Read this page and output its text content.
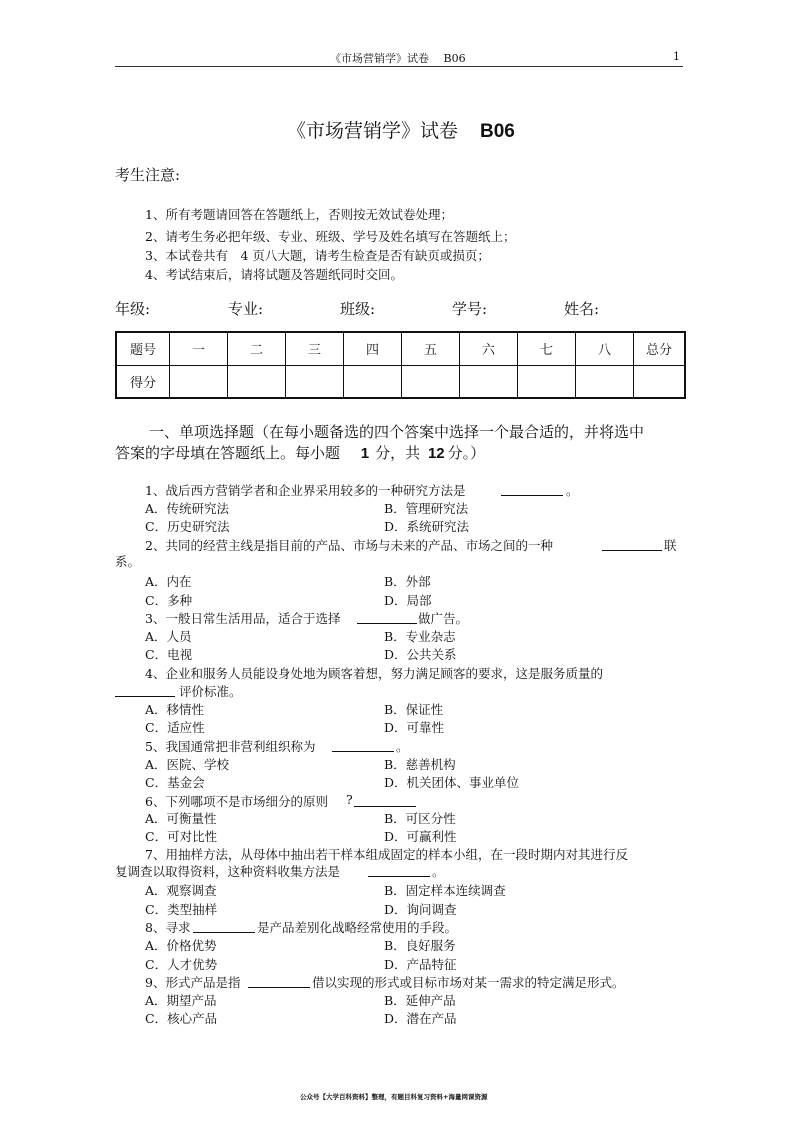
《市场营销学》试卷　 B06	1
《市场营销学》试卷 B06
考生注意:
1、所有考题请回答在答题纸上，否则按无效试卷处理；
2、请考生务必把年级、专业、班级、学号及姓名填写在答题纸上；
3、本试卷共有　4 页八大题，请考生检查是否有缺页或损页；
4、考试结束后，请将试题及答题纸同时交回。
年级:	专业:	班级:	学号:	姓名:
题号	一	二	三	四	五	六	七	八	总分
得分									
一、单项选择题（在每小题备选的四个答案中选择一个最合适的，并将选中
答案的字母填在答题纸上。每小题 1 分，共 12 分。）
1、战后西方营销学者和企业界采用较多的一种研究方法是	。
A．传统研究法	B．管理研究法
C．历史研究法	D．系统研究法
2、共同的经营主线是指目前的产品、市场与未来的产品、市场之间的一种	联
系。
A．内在	B．外部
C．多种	D．局部
3、一般日常生活用品，适合于选择	做广告。
A．人员	B．专业杂志
C．电视	D．公共关系
4、企业和服务人员能设身处地为顾客着想，努力满足顾客的要求，这是服务质量的
评价标准。
A．移情性	B．保证性
C．适应性	D．可靠性
5、我国通常把非营利组织称为	。
A．医院、学校	B．慈善机构
C．基金会	D．机关团体、事业单位
6、下列哪项不是市场细分的原则 ?
A．可衡量性	B．可区分性
C．可对比性	D．可赢利性
7、用抽样方法，从母体中抽出若干样本组成固定的样本小组，在一段时期内对其进行反
复调查以取得资料，这种资料收集方法是	。
A．观察调查	B．固定样本连续调查
C．类型抽样	D．询问调查
8、寻求	是产品差别化战略经常使用的手段。
A．价格优势	B．良好服务
C．人才优势	D．产品特征
9、形式产品是指	借以实现的形式或目标市场对某一需求的特定满足形式。
A．期望产品	B．延伸产品
C．核心产品	D．潜在产品
公众号【大学百科资料】整理，有题目科复习资料+海量网课资源
